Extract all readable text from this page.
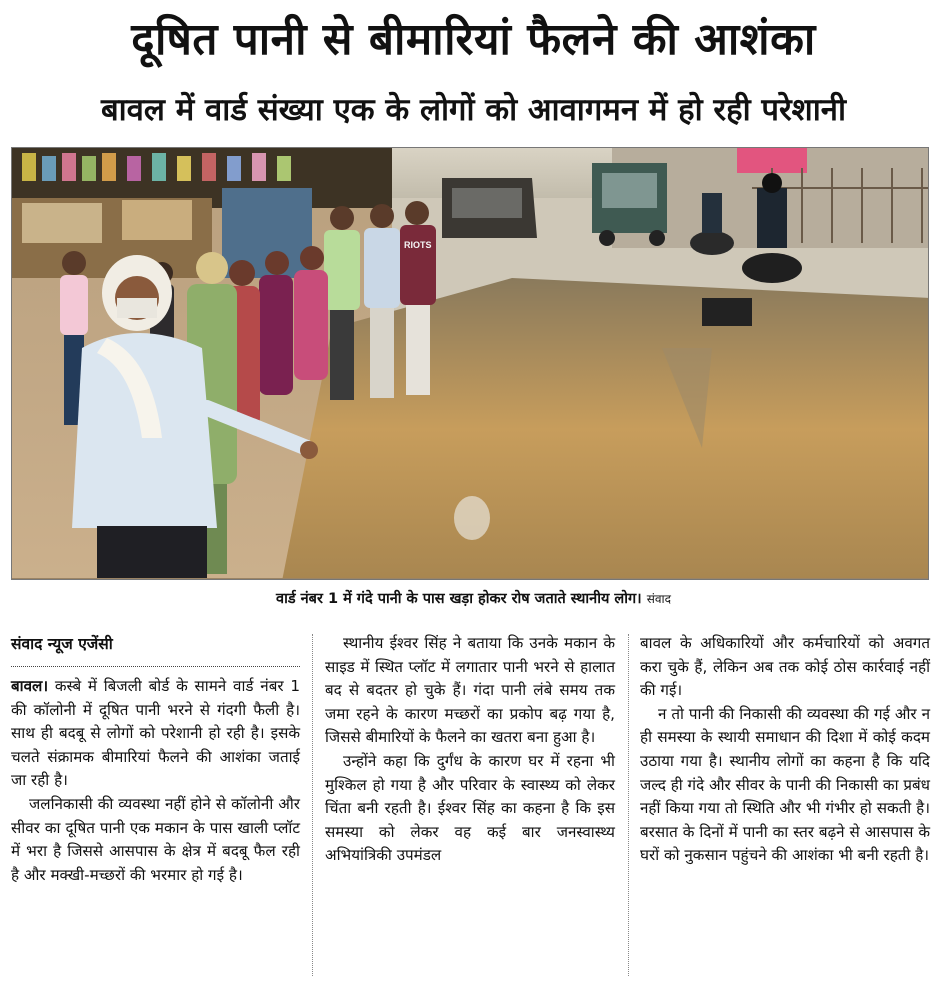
दूषित पानी से बीमारियां फैलने की आशंका
बावल में वार्ड संख्या एक के लोगों को आवागमन में हो रही परेशानी
RIOTS
वार्ड नंबर 1 में गंदे पानी के पास खड़ा होकर रोष जताते स्थानीय लोग। संवाद
संवाद न्यूज एजेंसी

बावल। कस्बे में बिजली बोर्ड के सामने वार्ड नंबर 1 की कॉलोनी में दूषित पानी भरने से गंदगी फैली है। साथ ही बदबू से लोगों को परेशानी हो रही है। इसके चलते संक्रामक बीमारियां फैलने की आशंका जताई जा रही है।

जलनिकासी की व्यवस्था नहीं होने से कॉलोनी और सीवर का दूषित पानी एक मकान के पास खाली प्लॉट में भरा है जिससे आसपास के क्षेत्र में बदबू फैल रही है और मक्खी-मच्छरों की भरमार हो गई है।

स्थानीय ईश्वर सिंह ने बताया कि उनके मकान के साइड में स्थित प्लॉट में लगातार पानी भरने से हालात बद से बदतर हो चुके हैं। गंदा पानी लंबे समय तक जमा रहने के कारण मच्छरों का प्रकोप बढ़ गया है, जिससे बीमारियों के फैलने का खतरा बना हुआ है।

उन्होंने कहा कि दुर्गंध के कारण घर में रहना भी मुश्किल हो गया है और परिवार के स्वास्थ्य को लेकर चिंता बनी रहती है। ईश्वर सिंह का कहना है कि इस समस्या को लेकर वह कई बार जनस्वास्थ्य अभियांत्रिकी उपमंडल

बावल के अधिकारियों और कर्मचारियों को अवगत करा चुके हैं, लेकिन अब तक कोई ठोस कार्रवाई नहीं की गई।

न तो पानी की निकासी की व्यवस्था की गई और न ही समस्या के स्थायी समाधान की दिशा में कोई कदम उठाया गया है। स्थानीय लोगों का कहना है कि यदि जल्द ही गंदे और सीवर के पानी की निकासी का प्रबंध नहीं किया गया तो स्थिति और भी गंभीर हो सकती है। बरसात के दिनों में पानी का स्तर बढ़ने से आसपास के घरों को नुकसान पहुंचने की आशंका भी बनी रहती है।
